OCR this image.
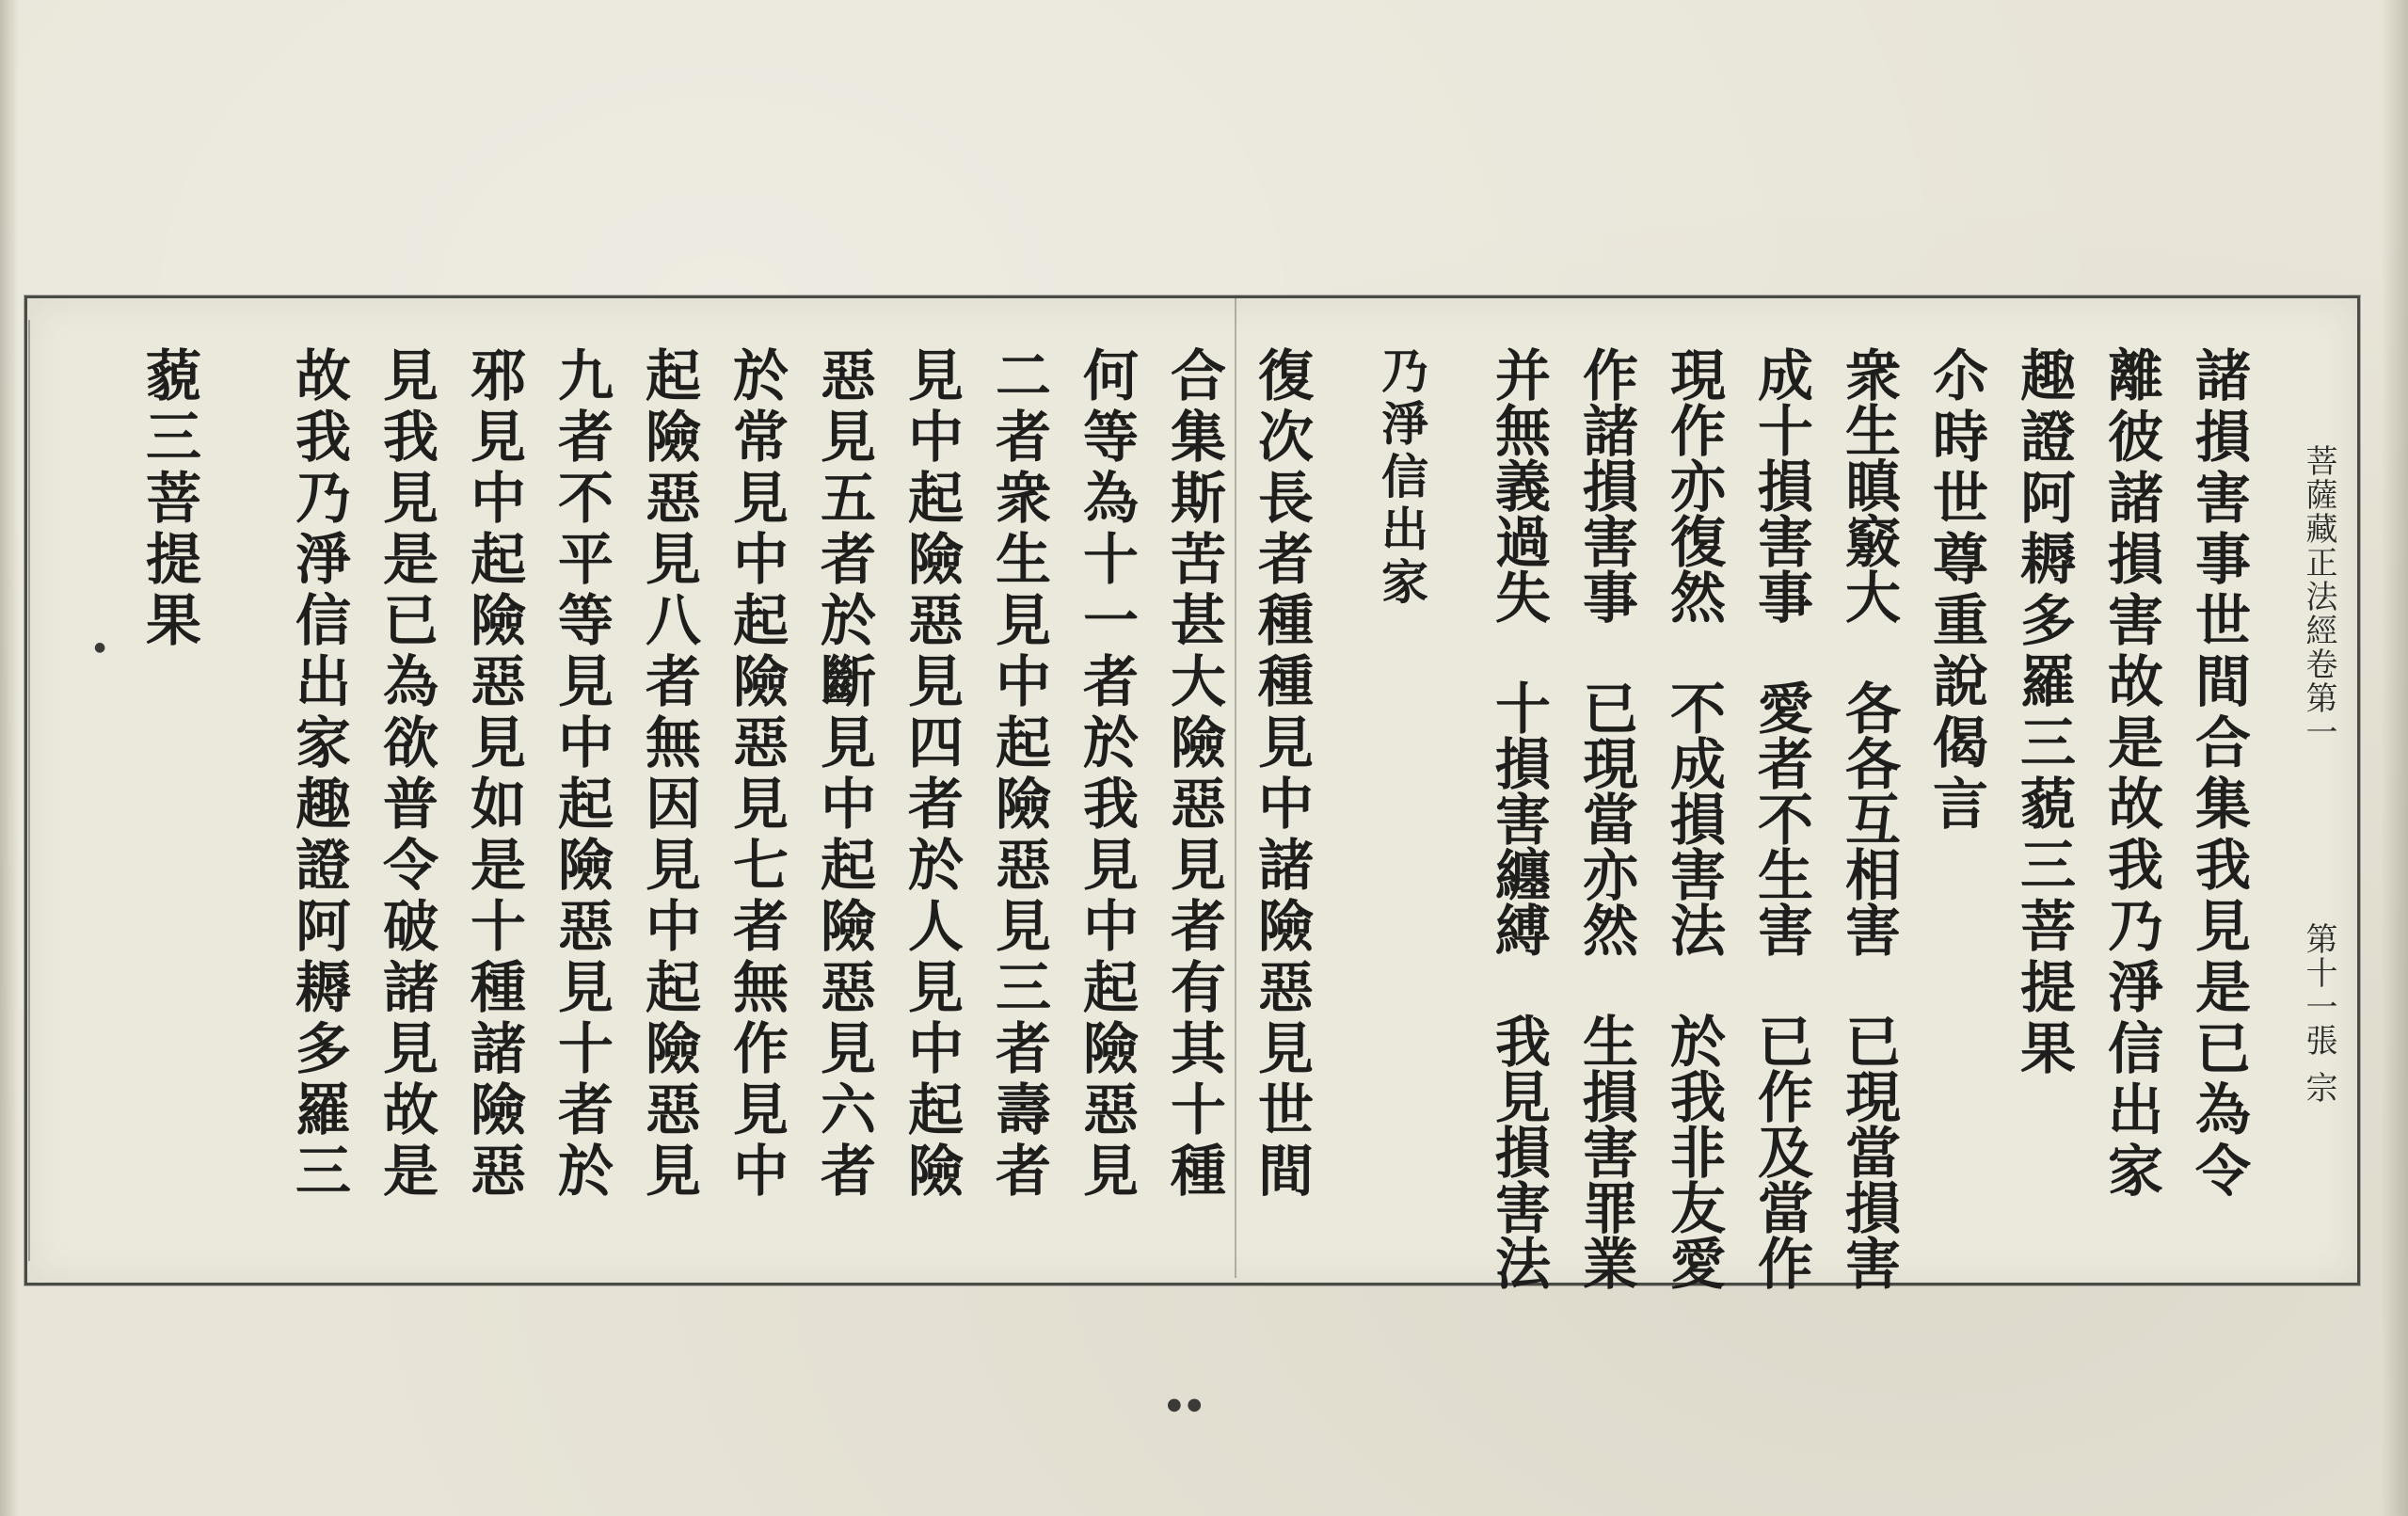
菩薩藏正法經卷第一
第十一張
宗
諸損害事世間合集我見是已為令
離彼諸損害故是故我乃淨信出家
趣證阿耨多羅三藐三菩提果
尒時世尊重說偈言
衆生瞋竅大　各各互相害　已現當損害
成十損害事　愛者不生害　已作及當作
現作亦復然　不成損害法　於我非友愛
作諸損害事　已現當亦然　生損害罪業
并無義過失　十損害纏縛　我見損害法
乃淨信出家
復次長者種種見中諸險惡見世間
合集斯苦甚大險惡見者有其十種
何等為十一者於我見中起險惡見
二者衆生見中起險惡見三者壽者
見中起險惡見四者於人見中起險
惡見五者於斷見中起險惡見六者
於常見中起險惡見七者無作見中
起險惡見八者無因見中起險惡見
九者不平等見中起險惡見十者於
邪見中起險惡見如是十種諸險惡
見我見是已為欲普令破諸見故是
故我乃淨信出家趣證阿耨多羅三
藐三菩提果
● ●
●
